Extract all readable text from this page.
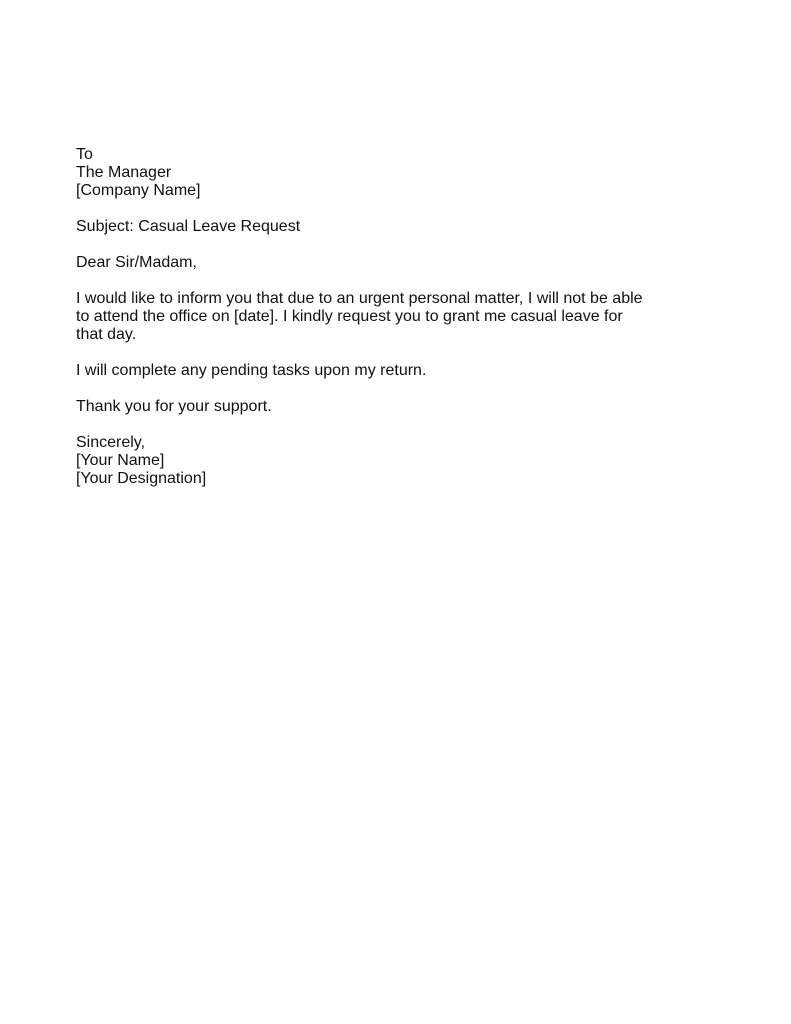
To
The Manager
[Company Name]
Subject: Casual Leave Request
Dear Sir/Madam,
I would like to inform you that due to an urgent personal matter, I will not be able
to attend the office on [date]. I kindly request you to grant me casual leave for
that day.
I will complete any pending tasks upon my return.
Thank you for your support.
Sincerely,
[Your Name]
[Your Designation]
